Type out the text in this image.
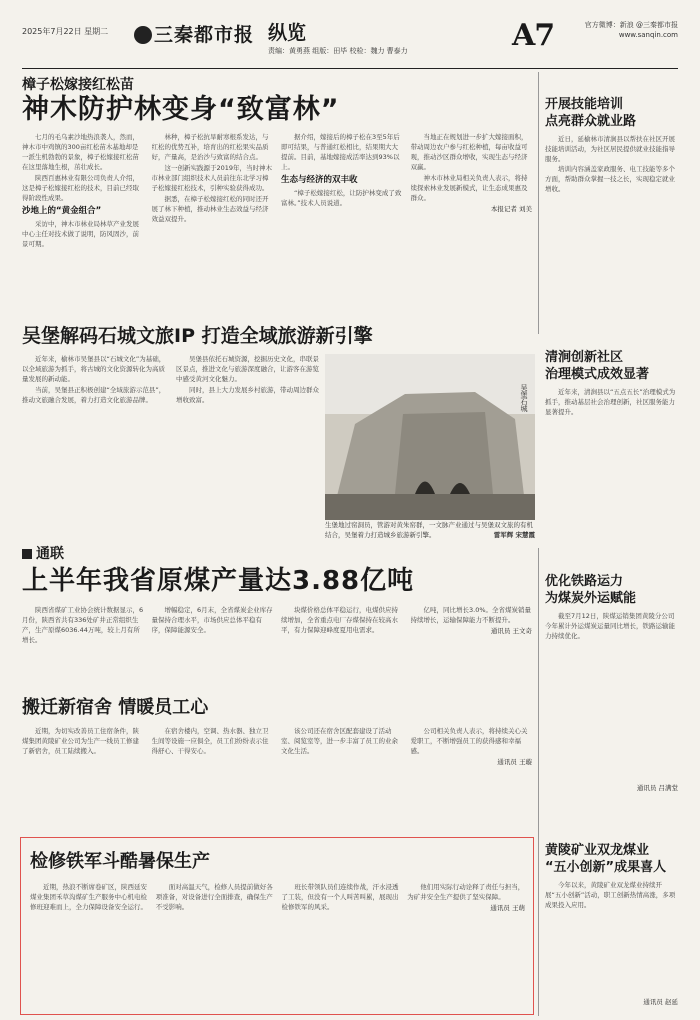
2025年7月22日 星期二	三秦都市报 纵览
责编：黄勇燕 组版：田毕 校检：魏力 曹泰力	A7	官方微博：新浪 @三秦都市报
www.sanqin.com
樟子松嫁接红松苗
神木防护林变身“致富林”

七月的毛乌素沙地热浪袭人，然而，神木市中鸡镇的300亩红松苗木基地却是一派生机勃勃的景象，樟子松嫁接红松苗在这里落地生根，茁壮成长。

陕西百惠林业有限公司负责人介绍，这是樟子松嫁接红松的技术，目前已经取得阶段性成果。

沙地上的“黄金组合”

采访中，神木市林业局林草产业发展中心主任对技术做了说明，防风固沙，前景可期。

林种，樟子松抗旱耐寒根系发达，与红松的优势互补，培育出的红松果实品质好，产量高，是治沙与致富的结合点。

这一创新实践源于2019年，当时神木市林业部门组织技术人员前往东北学习樟子松嫁接红松技术，引种实验获得成功。

据悉，在樟子松嫁接红松的同时还开展了林下种植，推动林业生态效益与经济效益双提升。

据介绍，嫁接后的樟子松在3至5年后即可结果，与普通红松相比，结果期大大提前。目前，基地嫁接成活率达到93%以上。

生态与经济的双丰收

“樟子松嫁接红松，让防护林变成了致富林。”技术人员说道。

当地正在规划进一步扩大嫁接面积，带动周边农户参与红松种植，每亩收益可观，推动沙区群众增收，实现生态与经济双赢。

神木市林业局相关负责人表示，将持续探索林业发展新模式，让生态成果惠及群众。

本报记者 刘美

吴堡解码石城文旅IP 打造全域旅游新引擎

近年来，榆林市吴堡县以“石城文化”为基础，以全域旅游为抓手，将古城的文化资源转化为高质量发展的新动能。

当前，吴堡县正积极创建“全域旅游示范县”，推动文旅融合发展，着力打造文化旅游品牌。

吴堡县依托石城资源，挖掘历史文化，串联景区景点，推进文化与旅游深度融合，让游客在游览中感受黄河文化魅力。

同时，县上大力发展乡村旅游，带动周边群众增收致富。	吴堡石城
生堡地过窑洞员，管游对黄朱窑群，一文脉产业通过与吴堡双文旅的有机结合，吴堡着力打造城乡旅游新引擎。	雷军辉 宋慧霞
通联
上半年我省原煤产量达3.88亿吨

陕西省煤矿工业协会统计数据显示，6月份，陕西省共有336处矿井正常组织生产，生产原煤6036.44万吨，较上月有所增长。

增幅稳定，6月末，全省煤炭企业库存量保持合理水平，市场供应总体平稳有序，保障能源安全。

块煤价格总体平稳运行，电煤供应持续增加，全省重点电厂存煤保持在较高水平，有力保障迎峰度夏用电需求。

亿吨，同比增长3.0%。全省煤炭销量持续增长，运输保障能力不断提升。

通讯员 王文奇

搬迁新宿舍 情暖员工心

近期，为切实改善员工住宿条件，陕煤集团黄陵矿业公司为生产一线员工修建了新宿舍，员工陆续搬入。

在宿舍楼内，空调、热水器、独立卫生间等设施一应俱全，员工们纷纷表示住得舒心、干得安心。

该公司还在宿舍区配套建设了活动室、阅览室等，进一步丰富了员工的业余文化生活。

公司相关负责人表示，将持续关心关爱职工，不断增强员工的获得感和幸福感。

通讯员 王璇

检修铁军斗酷暑保生产

近期，热浪不断席卷矿区，陕西延安煤业集团禾草沟煤矿生产服务中心机电检修班迎难而上，全力保障设备安全运行。

面对高温天气，检修人员提前做好各项准备，对设备进行全面排查，确保生产不受影响。

班长带领队员们连续作战，汗水浸透了工装，但没有一个人叫苦叫累，展现出检修铁军的风采。

他们用实际行动诠释了责任与担当，为矿井安全生产提供了坚实保障。

通讯员 王萌

开展技能培训
点亮群众就业路

近日，延榆林市清涧县以帮扶在社区开展技能培训活动，为社区居民提供就业技能指导服务。

培训内容涵盖家政服务、电工技能等多个方面，帮助群众掌握一技之长，实现稳定就业增收。

清涧创新社区
治理模式成效显著

近年来，清涧县以“五点五长”治理模式为抓手，推动基层社会治理创新，社区服务能力显著提升。

优化铁路运力
为煤炭外运赋能

截至7月12日，陕煤运销集团黄陵分公司今年累计外运煤炭运量同比增长，铁路运输能力持续优化。

通讯员 吕满堂
黄陵矿业双龙煤业
“五小创新”成果喜人

今年以来，黄陵矿业双龙煤业持续开展“五小创新”活动，职工创新热情高涨，多项成果投入应用。

通讯员 赵延
